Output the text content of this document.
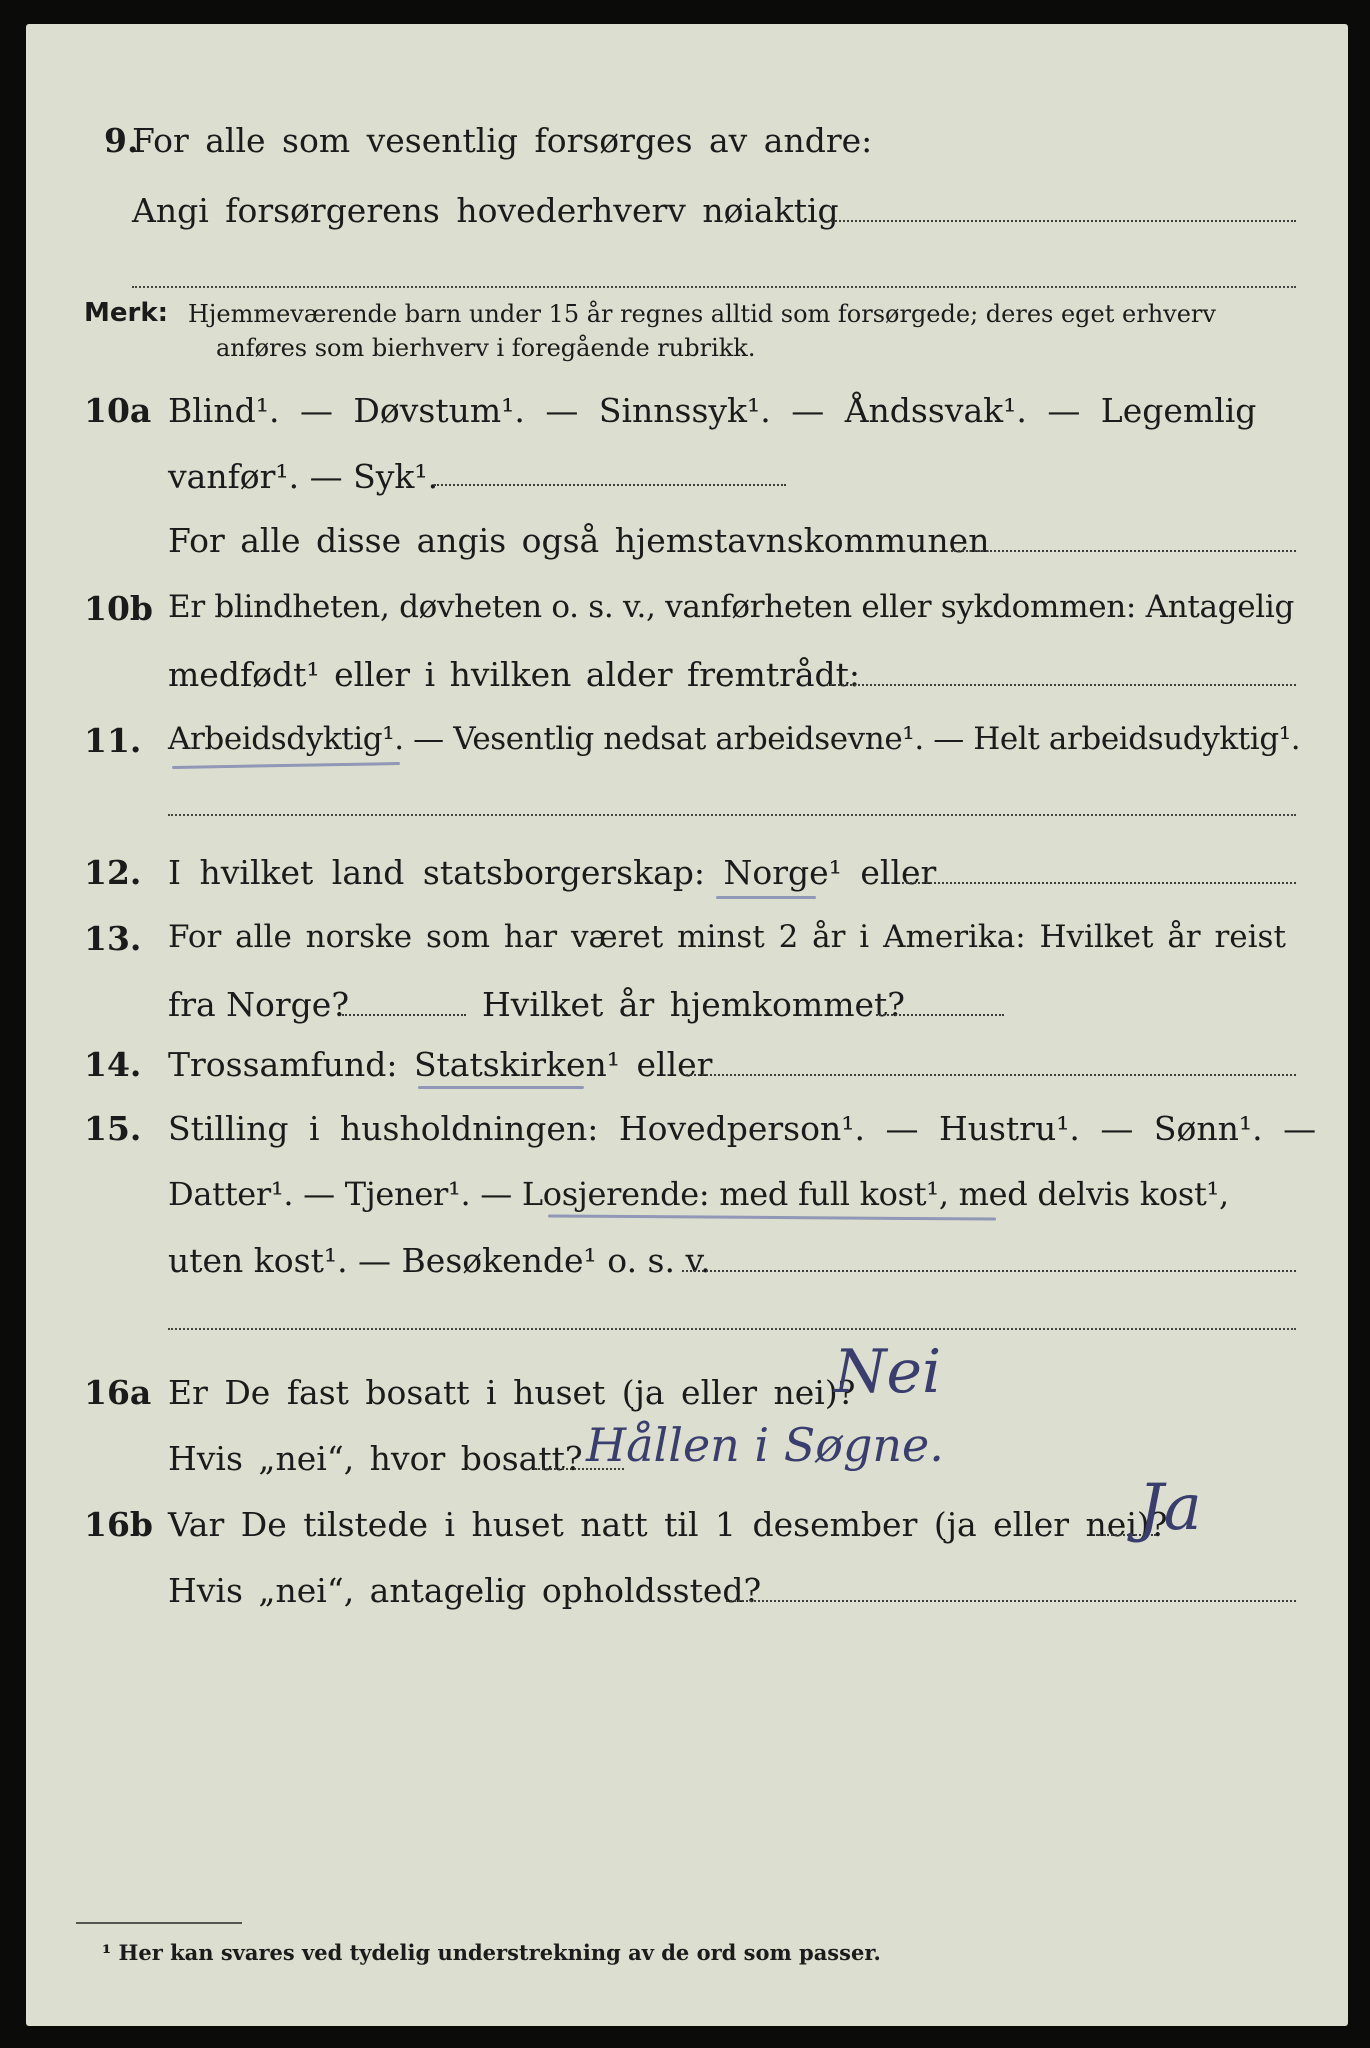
9.
For alle som vesentlig forsørges av andre:
Angi forsørgerens hovederhverv nøiaktig
Merk: Hjemmeværende barn under 15 år regnes alltid som forsørgede; deres eget erhverv
anføres som bierhverv i foregående rubrikk.
10a Blind¹. — Døvstum¹. — Sinnssyk¹. — Åndssvak¹. — Legemlig
vanfør¹. — Syk¹.
For alle disse angis også hjemstavnskommunen
10b Er blindheten, døvheten o. s. v., vanførheten eller sykdommen: Antagelig
medfødt¹ eller i hvilken alder fremtrådt:
11. Arbeidsdyktig¹. — Vesentlig nedsat arbeidsevne¹. — Helt arbeidsudyktig¹.
12. I hvilket land statsborgerskap: Norge¹ eller
13. For alle norske som har været minst 2 år i Amerika: Hvilket år reist
fra Norge?	Hvilket år hjemkommet?
14. Trossamfund: Statskirken¹ eller
15. Stilling i husholdningen: Hovedperson¹. — Hustru¹. — Sønn¹. —
Datter¹. — Tjener¹. — Losjerende: med full kost¹, med delvis kost¹,
uten kost¹. — Besøkende¹ o. s. v.
16a Er De fast bosatt i huset (ja eller nei)?
Nei
Hvis „nei“, hvor bosatt? Hållen i Søgne.
16b Var De tilstede i huset natt til 1 desember (ja eller nei)?
Ja
Hvis „nei“, antagelig opholdssted?
¹ Her kan svares ved tydelig understrekning av de ord som passer.
